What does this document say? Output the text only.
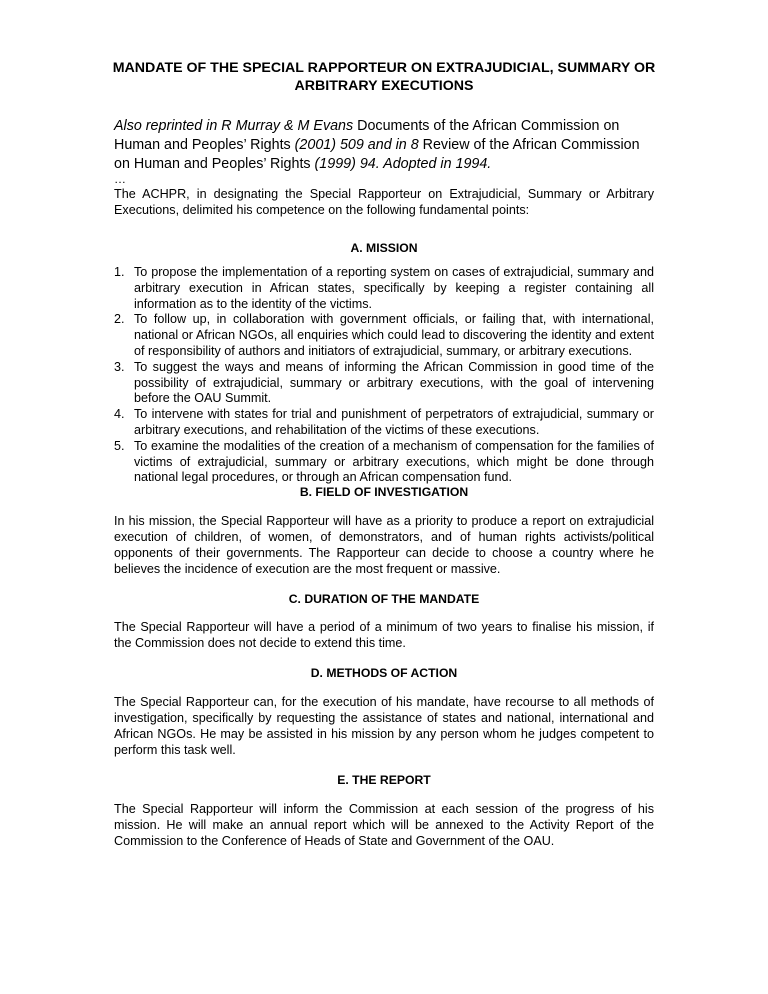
MANDATE OF THE SPECIAL RAPPORTEUR ON EXTRAJUDICIAL, SUMMARY OR ARBITRARY EXECUTIONS

Also reprinted in R Murray & M Evans Documents of the African Commission on Human and Peoples’ Rights (2001) 509 and in 8 Review of the African Commission on Human and Peoples’ Rights (1999) 94. Adopted in 1994.

…

The ACHPR, in designating the Special Rapporteur on Extrajudicial, Summary or Arbitrary Executions, delimited his competence on the following fundamental points:

A. MISSION
1. To propose the implementation of a reporting system on cases of extrajudicial, summary and arbitrary execution in African states, specifically by keeping a register containing all information as to the identity of the victims.
2. To follow up, in collaboration with government officials, or failing that, with international, national or African NGOs, all enquiries which could lead to discovering the identity and extent of responsibility of authors and initiators of extrajudicial, summary, or arbitrary executions.
3. To suggest the ways and means of informing the African Commission in good time of the possibility of extrajudicial, summary or arbitrary executions, with the goal of intervening before the OAU Summit.
4. To intervene with states for trial and punishment of perpetrators of extrajudicial, summary or arbitrary executions, and rehabilitation of the victims of these executions.
5. To examine the modalities of the creation of a mechanism of compensation for the families of victims of extrajudicial, summary or arbitrary executions, which might be done through national legal procedures, or through an African compensation fund.
B. FIELD OF INVESTIGATION

In his mission, the Special Rapporteur will have as a priority to produce a report on extrajudicial execution of children, of women, of demonstrators, and of human rights activists/political opponents of their governments. The Rapporteur can decide to choose a country where he believes the incidence of execution are the most frequent or massive.

C. DURATION OF THE MANDATE

The Special Rapporteur will have a period of a minimum of two years to finalise his mission, if the Commission does not decide to extend this time.

D. METHODS OF ACTION

The Special Rapporteur can, for the execution of his mandate, have recourse to all methods of investigation, specifically by requesting the assistance of states and national, international and African NGOs. He may be assisted in his mission by any person whom he judges competent to perform this task well.

E. THE REPORT

The Special Rapporteur will inform the Commission at each session of the progress of his mission. He will make an annual report which will be annexed to the Activity Report of the Commission to the Conference of Heads of State and Government of the OAU.
